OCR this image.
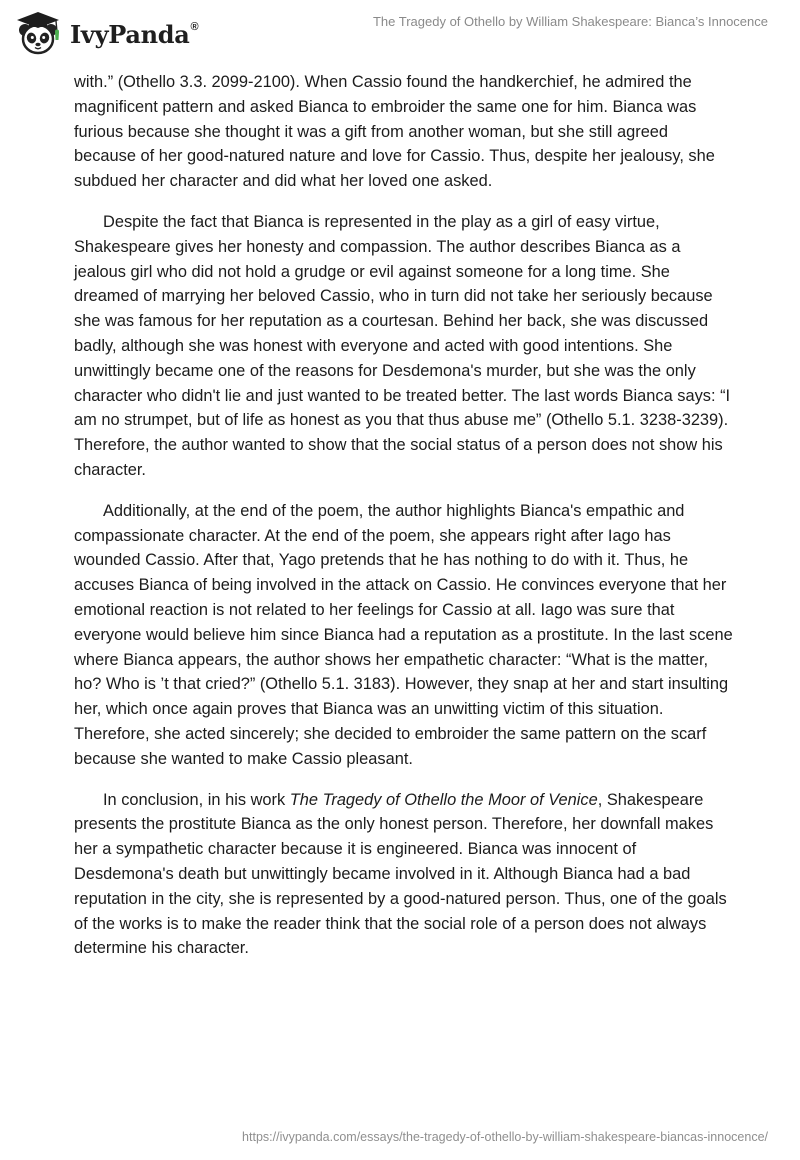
IvyPanda®	The Tragedy of Othello by William Shakespeare: Bianca’s Innocence

with.” (Othello 3.3. 2099-2100). When Cassio found the handkerchief, he admired the magnificent pattern and asked Bianca to embroider the same one for him. Bianca was furious because she thought it was a gift from another woman, but she still agreed because of her good-natured nature and love for Cassio. Thus, despite her jealousy, she subdued her character and did what her loved one asked.

Despite the fact that Bianca is represented in the play as a girl of easy virtue, Shakespeare gives her honesty and compassion. The author describes Bianca as a jealous girl who did not hold a grudge or evil against someone for a long time. She dreamed of marrying her beloved Cassio, who in turn did not take her seriously because she was famous for her reputation as a courtesan. Behind her back, she was discussed badly, although she was honest with everyone and acted with good intentions. She unwittingly became one of the reasons for Desdemona's murder, but she was the only character who didn't lie and just wanted to be treated better. The last words Bianca says: “I am no strumpet, but of life as honest as you that thus abuse me” (Othello 5.1. 3238-3239). Therefore, the author wanted to show that the social status of a person does not show his character.

Additionally, at the end of the poem, the author highlights Bianca's empathic and compassionate character. At the end of the poem, she appears right after Iago has wounded Cassio. After that, Yago pretends that he has nothing to do with it. Thus, he accuses Bianca of being involved in the attack on Cassio. He convinces everyone that her emotional reaction is not related to her feelings for Cassio at all. Iago was sure that everyone would believe him since Bianca had a reputation as a prostitute. In the last scene where Bianca appears, the author shows her empathetic character: “What is the matter, ho? Who is ’t that cried?” (Othello 5.1. 3183). However, they snap at her and start insulting her, which once again proves that Bianca was an unwitting victim of this situation. Therefore, she acted sincerely; she decided to embroider the same pattern on the scarf because she wanted to make Cassio pleasant.

In conclusion, in his work The Tragedy of Othello the Moor of Venice, Shakespeare presents the prostitute Bianca as the only honest person. Therefore, her downfall makes her a sympathetic character because it is engineered. Bianca was innocent of Desdemona's death but unwittingly became involved in it. Although Bianca had a bad reputation in the city, she is represented by a good-natured person. Thus, one of the goals of the works is to make the reader think that the social role of a person does not always determine his character.

https://ivypanda.com/essays/the-tragedy-of-othello-by-william-shakespeare-biancas-innocence/
